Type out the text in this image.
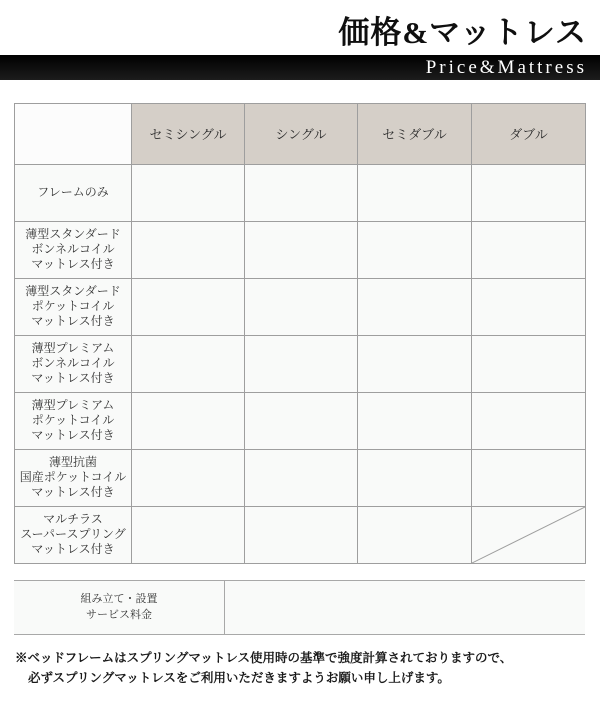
価格&マットレス
Price&Mattress
	セミシングル	シングル	セミダブル	ダブル

フレームのみ				

薄型スタンダード
ボンネルコイル
マットレス付き				

薄型スタンダード
ポケットコイル
マットレス付き				

薄型プレミアム
ボンネルコイル
マットレス付き				

薄型プレミアム
ポケットコイル
マットレス付き				

薄型抗菌
国産ポケットコイル
マットレス付き				

マルチラス
スーパースプリング
マットレス付き

組み立て・設置
サービス料金
※ベッドフレームはスプリングマットレス使用時の基準で強度計算されておりますので、
必ずスプリングマットレスをご利用いただきますようお願い申し上げます。
